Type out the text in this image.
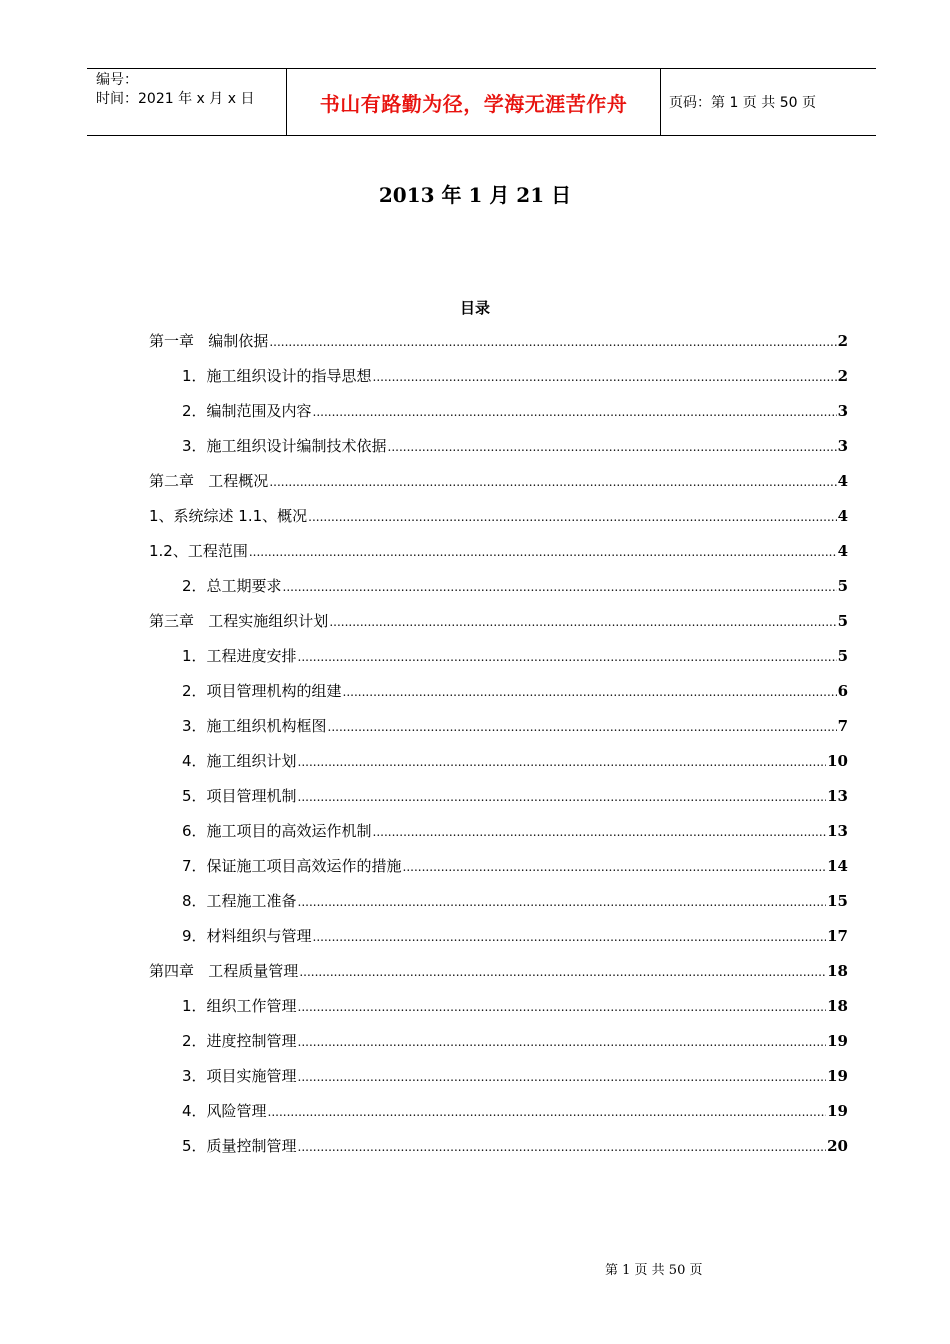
编号：
时间：2021 年 x 月 x 日	书山有路勤为径，学海无涯苦作舟	页码：第 1 页 共 50 页
2013 年 1 月 21 日
目录
第一章   编制依据 .....	2
1．施工组织设计的指导思想 .....	2
2．编制范围及内容 .....	3
3．施工组织设计编制技术依据 .....	3
第二章   工程概况 .....	4
1、系统综述 1.1、概况 .....	4
1.2、工程范围 .....	4
2．总工期要求 .....	5
第三章   工程实施组织计划 .....	5
1．工程进度安排 .....	5
2．项目管理机构的组建 .....	6
3．施工组织机构框图 .....	7
4．施工组织计划 .....	10
5．项目管理机制 .....	13
6．施工项目的高效运作机制 .....	13
7．保证施工项目高效运作的措施 .....	14
8．工程施工准备 .....	15
9．材料组织与管理 .....	17
第四章   工程质量管理 .....	18
1．组织工作管理 .....	18
2．进度控制管理 .....	19
3．项目实施管理 .....	19
4．风险管理 .....	19
5．质量控制管理 .....	20
第 1 页 共 50 页
